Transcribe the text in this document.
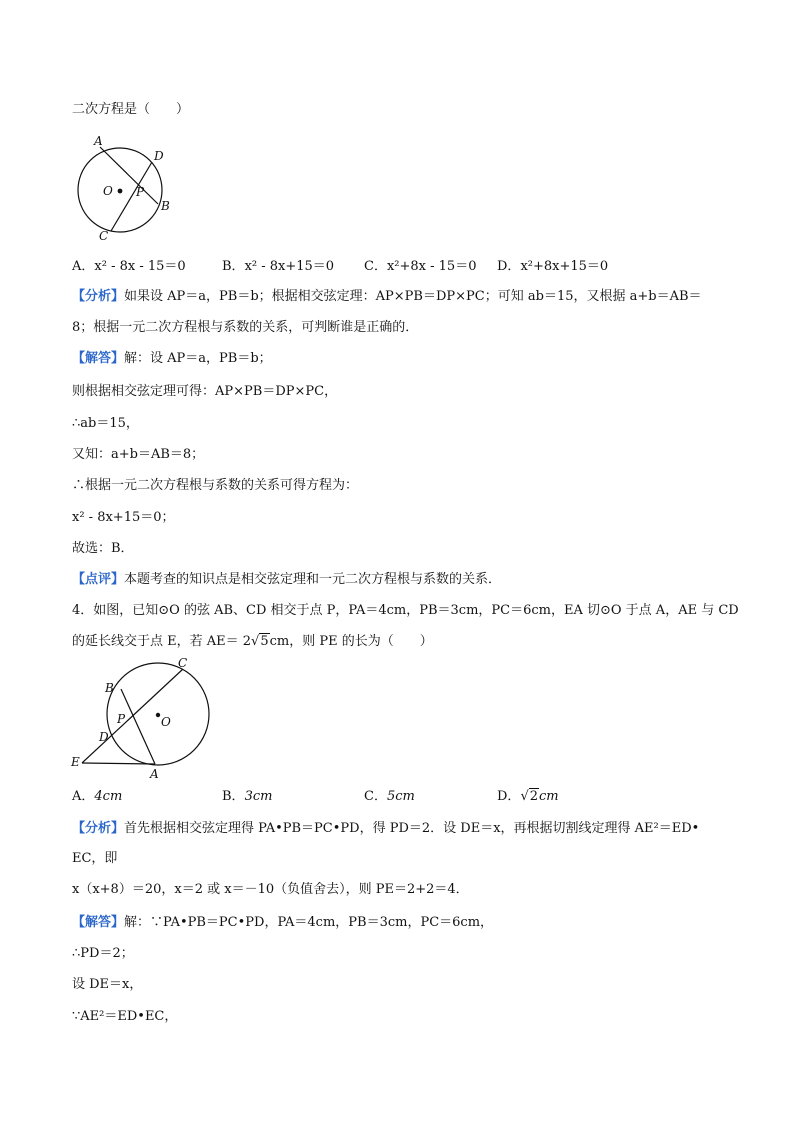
二次方程是（　　）
A
D
O P
B
C
A．x² - 8x - 15＝0	B．x² - 8x+15＝0 C．x²+8x - 15＝0 D．x²+8x+15＝0
【分析】如果设 AP＝a，PB＝b；根据相交弦定理：AP×PB＝DP×PC；可知 ab＝15，又根据 a+b＝AB＝
8；根据一元二次方程根与系数的关系，可判断谁是正确的．
【解答】解：设 AP＝a，PB＝b；
则根据相交弦定理可得：AP×PB＝DP×PC，
∴ab＝15，
又知：a+b＝AB＝8；
∴根据一元二次方程根与系数的关系可得方程为：
x² - 8x+15＝0；
故选：B．
【点评】本题考查的知识点是相交弦定理和一元二次方程根与系数的关系．
4．如图，已知⊙O 的弦 AB、CD 相交于点 P，PA＝4cm，PB＝3cm，PC＝6cm，EA 切⊙O 于点 A，AE 与 CD
的延长线交于点 E，若 AE＝ 2√5cm，则 PE 的长为（　　）
C
B
P	O
D
E
A
A．4cm	B．3cm	C．5cm	D．√2cm
【分析】首先根据相交弦定理得 PA•PB＝PC•PD，得 PD＝2．设 DE＝x，再根据切割线定理得 AE²＝ED•
EC，即
x（x+8）＝20，x＝2 或 x＝－10（负值舍去），则 PE＝2+2＝4．
【解答】解：∵PA•PB＝PC•PD，PA＝4cm，PB＝3cm，PC＝6cm，
∴PD＝2；
设 DE＝x，
∵AE²＝ED•EC，
